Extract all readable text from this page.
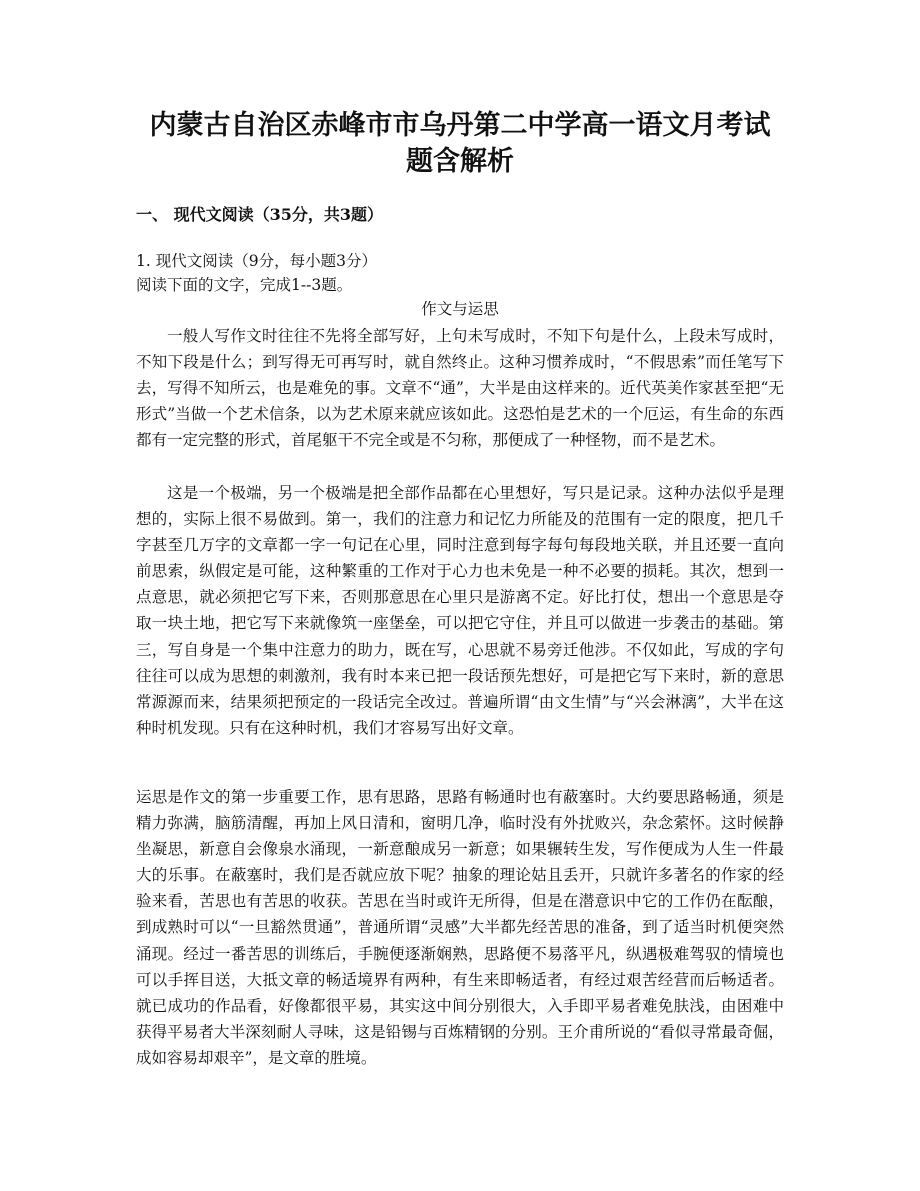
内蒙古自治区赤峰市市乌丹第二中学高一语文月考试
题含解析
一、 现代文阅读（35分，共3题）
1. 现代文阅读（9分，每小题3分）
阅读下面的文字，完成1--3题。
作文与运思

一般人写作文时往往不先将全部写好，上句未写成时，不知下句是什么，上段未写成时，不知下段是什么；到写得无可再写时，就自然终止。这种习惯养成时，“不假思索”而任笔写下去，写得不知所云，也是难免的事。文章不“通”，大半是由这样来的。近代英美作家甚至把“无形式”当做一个艺术信条，以为艺术原来就应该如此。这恐怕是艺术的一个厄运，有生命的东西都有一定完整的形式，首尾躯干不完全或是不匀称，那便成了一种怪物，而不是艺术。

这是一个极端，另一个极端是把全部作品都在心里想好，写只是记录。这种办法似乎是理想的，实际上很不易做到。第一，我们的注意力和记忆力所能及的范围有一定的限度，把几千字甚至几万字的文章都一字一句记在心里，同时注意到每字每句每段地关联，并且还要一直向前思索，纵假定是可能，这种繁重的工作对于心力也未免是一种不必要的损耗。其次，想到一点意思，就必须把它写下来，否则那意思在心里只是游离不定。好比打仗，想出一个意思是夺取一块土地，把它写下来就像筑一座堡垒，可以把它守住，并且可以做进一步袭击的基础。第三，写自身是一个集中注意力的助力，既在写，心思就不易旁迁他涉。不仅如此，写成的字句往往可以成为思想的刺激剂，我有时本来已把一段话预先想好，可是把它写下来时，新的意思常源源而来，结果须把预定的一段话完全改过。普遍所谓“由文生情”与“兴会淋漓”，大半在这种时机发现。只有在这种时机，我们才容易写出好文章。

运思是作文的第一步重要工作，思有思路，思路有畅通时也有蔽塞时。大约要思路畅通，须是精力弥满，脑筋清醒，再加上风日清和，窗明几净，临时没有外扰败兴，杂念萦怀。这时候静坐凝思，新意自会像泉水涌现，一新意酿成另一新意；如果辗转生发，写作便成为人生一件最大的乐事。在蔽塞时，我们是否就应放下呢？抽象的理论姑且丢开，只就许多著名的作家的经验来看，苦思也有苦思的收获。苦思在当时或许无所得，但是在潜意识中它的工作仍在酝酿，到成熟时可以“一旦豁然贯通”，普通所谓“灵感”大半都先经苦思的准备，到了适当时机便突然涌现。经过一番苦思的训练后，手腕便逐渐娴熟，思路便不易落平凡，纵遇极难驾驭的情境也可以手挥目送，大抵文章的畅适境界有两种，有生来即畅适者，有经过艰苦经营而后畅适者。就已成功的作品看，好像都很平易，其实这中间分别很大，入手即平易者难免肤浅，由困难中获得平易者大半深刻耐人寻味，这是铅锡与百炼精钢的分别。王介甫所说的“看似寻常最奇倔，成如容易却艰辛”，是文章的胜境。
